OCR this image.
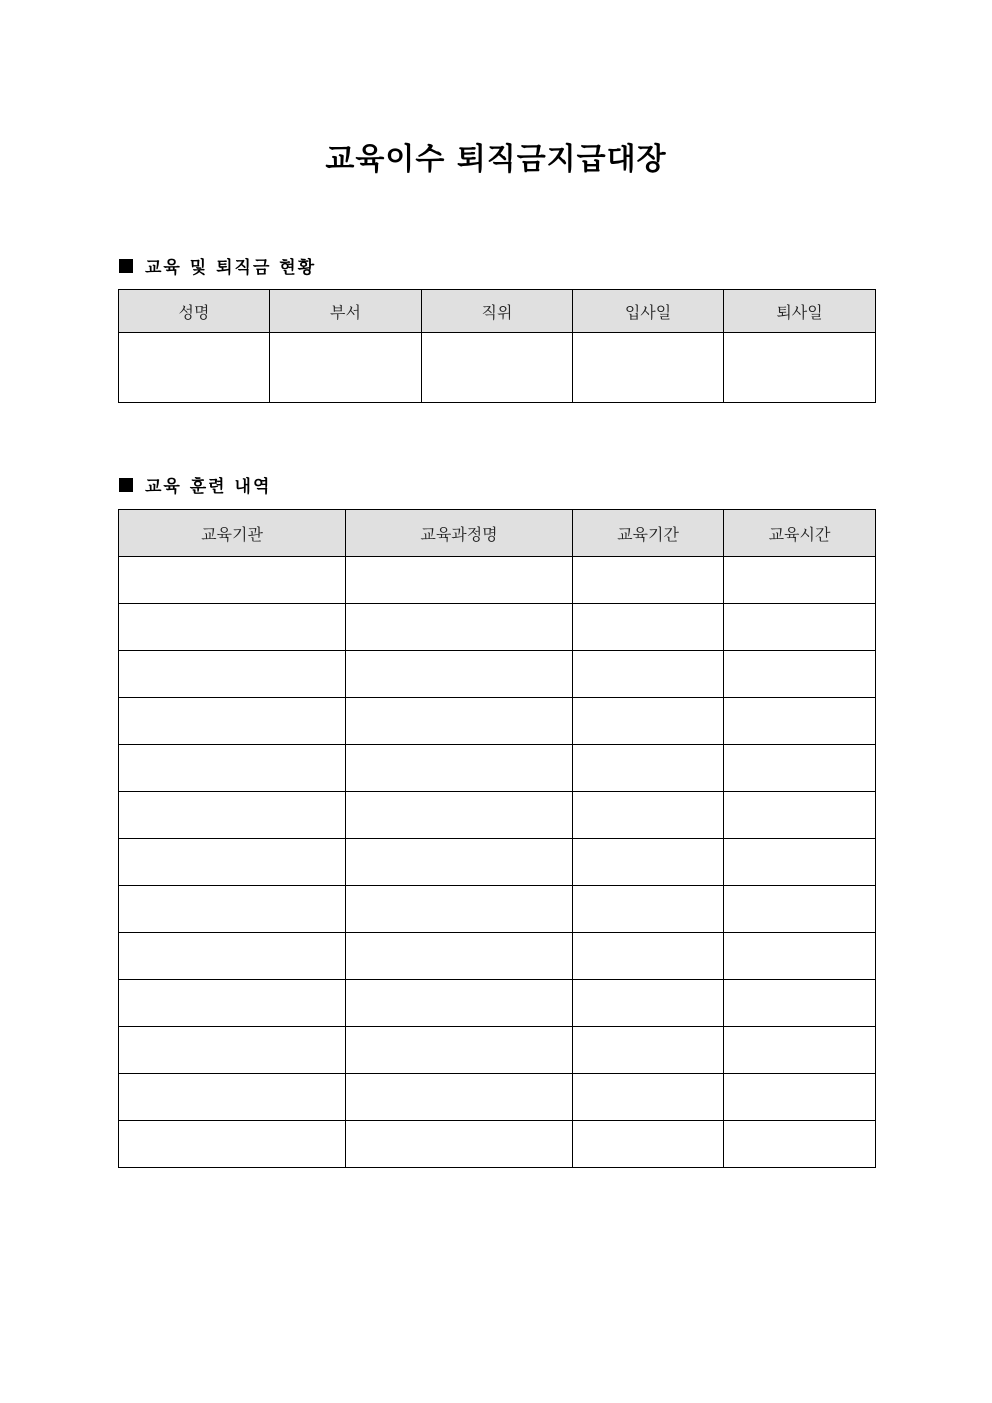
교육이수 퇴직금지급대장
교육 및 퇴직금 현황
성명	부서	직위	입사일	퇴사일

교육 훈련 내역
교육기관	교육과정명	교육기간	교육시간
